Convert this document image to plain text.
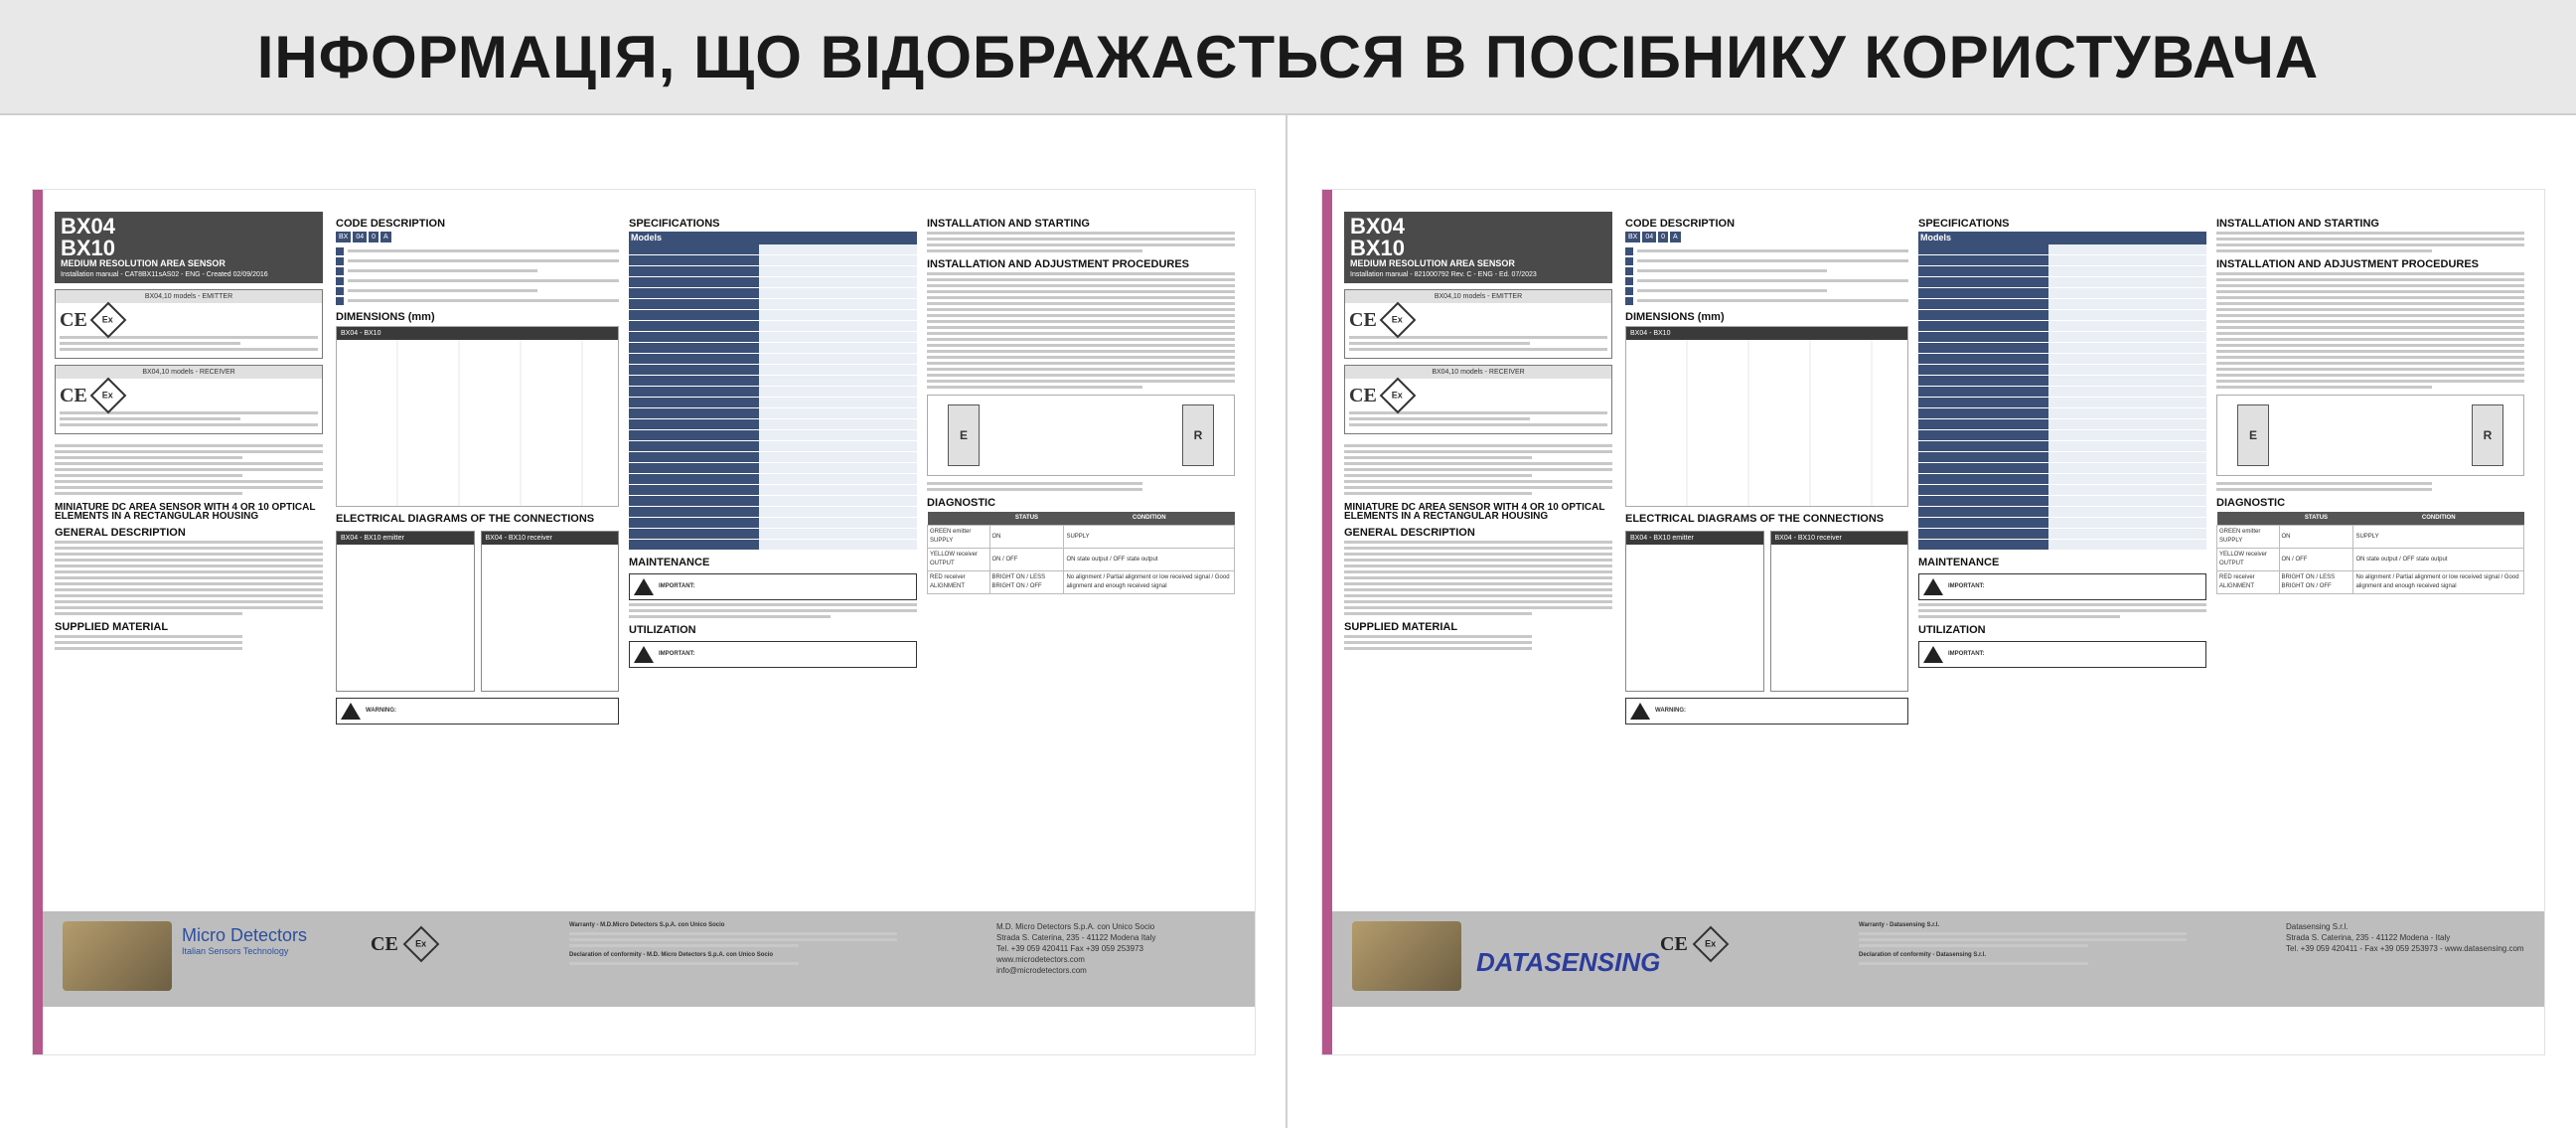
ІНФОРМАЦІЯ, ЩО ВІДОБРАЖАЄТЬСЯ В ПОСІБНИКУ КОРИСТУВАЧА
BX04
BX10
MEDIUM RESOLUTION AREA SENSOR
Installation manual - CAT8BX11sAS02 - ENG - Created 02/09/2016
BX04,10 models - EMITTER
CE Ex
BX04,10 models - RECEIVER
CE Ex
MINIATURE DC AREA SENSOR WITH 4 OR 10 OPTICAL ELEMENTS IN A RECTANGULAR HOUSING
GENERAL DESCRIPTION
SUPPLIED MATERIAL
CODE DESCRIPTION
BX	04	0	A
DIMENSIONS (mm)
BX04 - BX10
ELECTRICAL DIAGRAMS OF THE CONNECTIONS
BX04 - BX10 emitter	BX04 - BX10 receiver
WARNING:
SPECIFICATIONS
Models	

MAINTENANCE
IMPORTANT:
UTILIZATION
IMPORTANT:
INSTALLATION AND STARTING
INSTALLATION AND ADJUSTMENT PROCEDURES
E	R
DIAGNOSTIC
	STATUS	CONDITION
GREEN emitter SUPPLY	ON	SUPPLY
YELLOW receiver OUTPUT	ON / OFF	ON state output / OFF state output
RED receiver ALIGNMENT	BRIGHT ON / LESS BRIGHT ON / OFF	No alignment / Partial alignment or low received signal / Good alignment and enough received signal
Micro Detectors
Italian Sensors Technology	CE Ex
Warranty - M.D.Micro Detectors S.p.A. con Unico Socio
Declaration of conformity - M.D. Micro Detectors S.p.A. con Unico Socio
M.D. Micro Detectors S.p.A. con Unico Socio
Strada S. Caterina, 235 - 41122 Modena Italy
Tel. +39 059 420411 Fax +39 059 253973
www.microdetectors.com
info@microdetectors.com
BX04
BX10
MEDIUM RESOLUTION AREA SENSOR
Installation manual - 821000792 Rev. C - ENG - Ed. 07/2023
BX04,10 models - EMITTER
CE Ex
BX04,10 models - RECEIVER
CE Ex
MINIATURE DC AREA SENSOR WITH 4 OR 10 OPTICAL ELEMENTS IN A RECTANGULAR HOUSING
GENERAL DESCRIPTION
SUPPLIED MATERIAL
CODE DESCRIPTION
BX	04	0	A
DIMENSIONS (mm)
BX04 - BX10
ELECTRICAL DIAGRAMS OF THE CONNECTIONS
BX04 - BX10 emitter	BX04 - BX10 receiver
WARNING:
SPECIFICATIONS
Models	

MAINTENANCE
IMPORTANT:
UTILIZATION
IMPORTANT:
INSTALLATION AND STARTING
INSTALLATION AND ADJUSTMENT PROCEDURES
E	R
DIAGNOSTIC
	STATUS	CONDITION
GREEN emitter SUPPLY	ON	SUPPLY
YELLOW receiver OUTPUT	ON / OFF	ON state output / OFF state output
RED receiver ALIGNMENT	BRIGHT ON / LESS BRIGHT ON / OFF	No alignment / Partial alignment or low received signal / Good alignment and enough received signal
DATASENSING
CE Ex
Warranty - Datasensing S.r.l.
Declaration of conformity - Datasensing S.r.l.
Datasensing S.r.l.
Strada S. Caterina, 235 - 41122 Modena - Italy
Tel. +39 059 420411 - Fax +39 059 253973 - www.datasensing.com
